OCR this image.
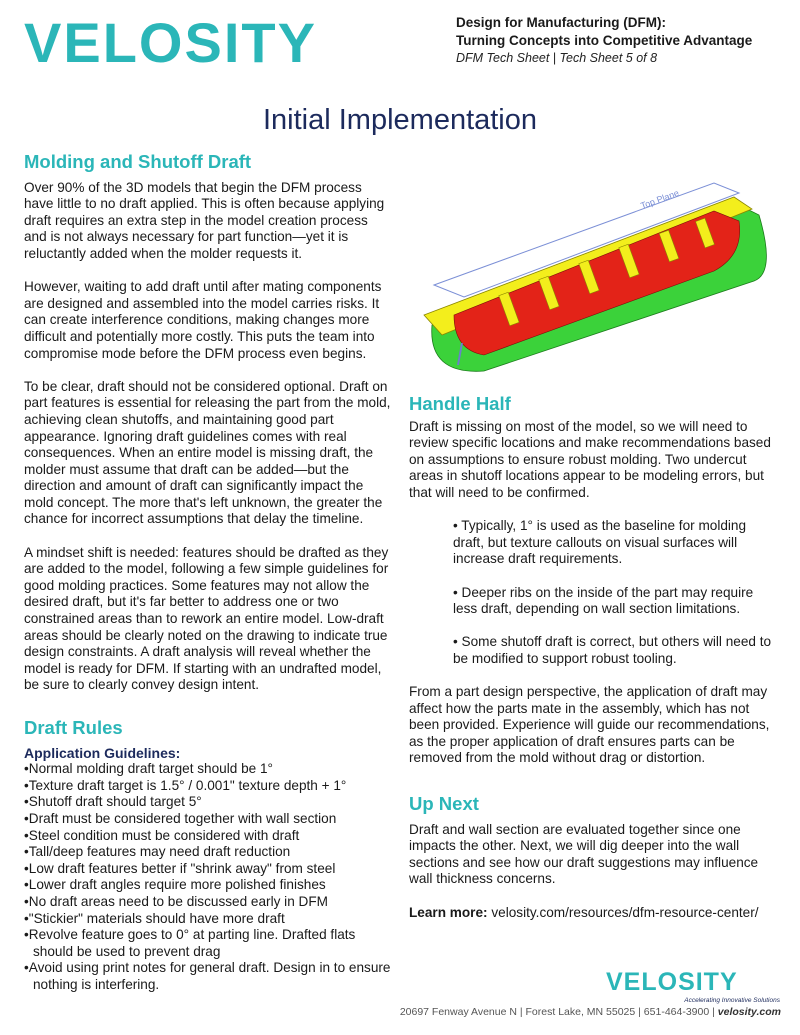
VELOSITY	Design for Manufacturing (DFM):
Turning Concepts into Competitive Advantage
DFM Tech Sheet | Tech Sheet 5 of 8
Initial Implementation
Molding and Shutoff Draft

Over 90% of the 3D models that begin the DFM process have little to no draft applied. This is often because applying draft requires an extra step in the model creation process and is not always necessary for part function—yet it is reluctantly added when the molder requests it.

However, waiting to add draft until after mating components are designed and assembled into the model carries risks. It can create interference conditions, making changes more difficult and potentially more costly. This puts the team into compromise mode before the DFM process even begins.

To be clear, draft should not be considered optional. Draft on part features is essential for releasing the part from the mold, achieving clean shutoffs, and maintaining good part appearance. Ignoring draft guidelines comes with real consequences. When an entire model is missing draft, the molder must assume that draft can be added—but the direction and amount of draft can significantly impact the mold concept. The more that's left unknown, the greater the chance for incorrect assumptions that delay the timeline.

A mindset shift is needed: features should be drafted as they are added to the model, following a few simple guidelines for good molding practices. Some features may not allow the desired draft, but it's far better to address one or two constrained areas than to rework an entire model. Low-draft areas should be clearly noted on the drawing to indicate true design constraints. A draft analysis will reveal whether the model is ready for DFM. If starting with an undrafted model, be sure to clearly convey design intent.

Draft Rules
Application Guidelines:
• Normal molding draft target should be 1°
• Texture draft target is 1.5° / 0.001" texture depth + 1°
• Shutoff draft should target 5°
• Draft must be considered together with wall section
• Steel condition must be considered with draft
• Tall/deep features may need draft reduction
• Low draft features better if "shrink away" from steel
• Lower draft angles require more polished finishes
• No draft areas need to be discussed early in DFM
• "Stickier" materials should have more draft
• Revolve feature goes to 0° at parting line. Drafted flats should be used to prevent drag
• Avoid using print notes for general draft. Design in to ensure nothing is interfering.
Top Plane
Handle Half

Draft is missing on most of the model, so we will need to review specific locations and make recommendations based on assumptions to ensure robust molding. Two undercut areas in shutoff locations appear to be modeling errors, but that will need to be confirmed.

• Typically, 1° is used as the baseline for molding draft, but texture callouts on visual surfaces will increase draft requirements.

• Deeper ribs on the inside of the part may require less draft, depending on wall section limitations.

• Some shutoff draft is correct, but others will need to be modified to support robust tooling.

From a part design perspective, the application of draft may affect how the parts mate in the assembly, which has not been provided. Experience will guide our recommendations, as the proper application of draft ensures parts can be removed from the mold without drag or distortion.

Up Next

Draft and wall section are evaluated together since one impacts the other. Next, we will dig deeper into the wall sections and see how our draft suggestions may influence wall thickness concerns.

Learn more: velosity.com/resources/dfm-resource-center/

VELOSITY
Accelerating Innovative Solutions
20697 Fenway Avenue N | Forest Lake, MN 55025 | 651-464-3900 | velosity.com
